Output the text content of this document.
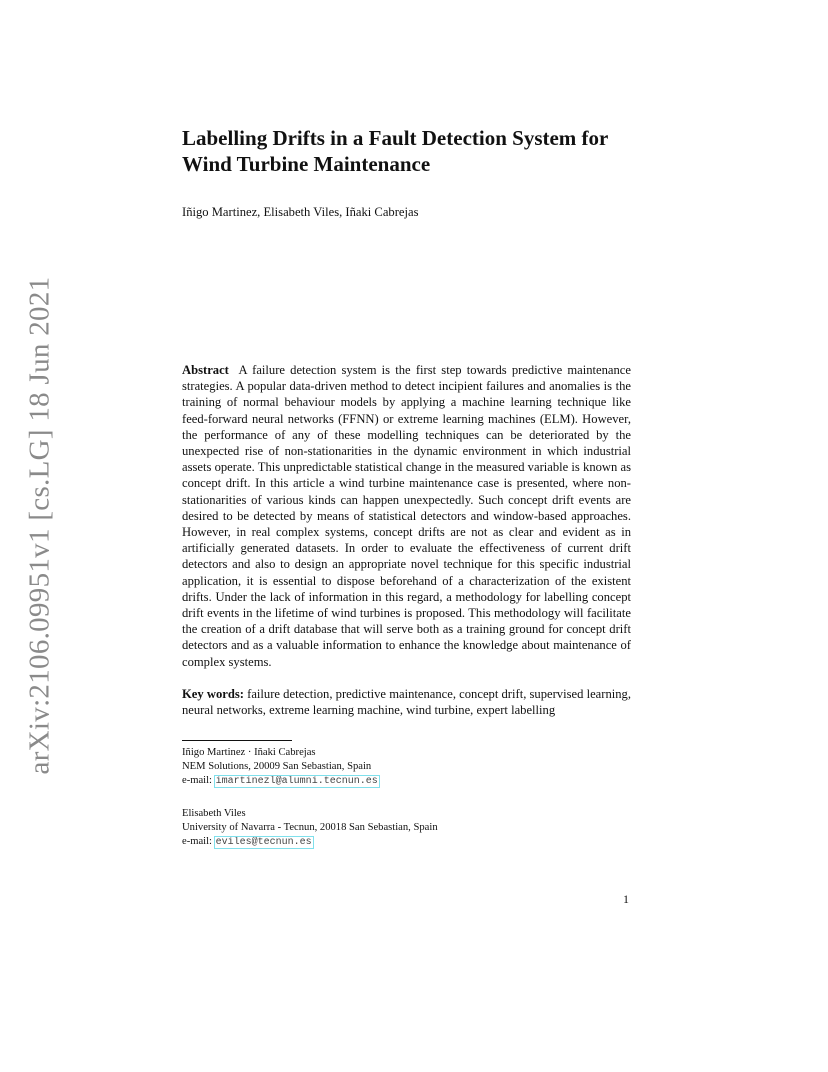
arXiv:2106.09951v1 [cs.LG] 18 Jun 2021
Labelling Drifts in a Fault Detection System for Wind Turbine Maintenance
Iñigo Martinez, Elisabeth Viles, Iñaki Cabrejas

Abstract A failure detection system is the first step towards predictive maintenance strategies. A popular data-driven method to detect incipient failures and anomalies is the training of normal behaviour models by applying a machine learning technique like feed-forward neural networks (FFNN) or extreme learning machines (ELM). However, the performance of any of these modelling techniques can be deteriorated by the unexpected rise of non-stationarities in the dynamic environment in which industrial assets operate. This unpredictable statistical change in the measured variable is known as concept drift. In this article a wind turbine maintenance case is presented, where non-stationarities of various kinds can happen unexpectedly. Such concept drift events are desired to be detected by means of statistical detectors and window-based approaches. However, in real complex systems, concept drifts are not as clear and evident as in artificially generated datasets. In order to evaluate the effectiveness of current drift detectors and also to design an appropriate novel technique for this specific industrial application, it is essential to dispose beforehand of a characterization of the existent drifts. Under the lack of information in this regard, a methodology for labelling concept drift events in the lifetime of wind turbines is proposed. This methodology will facilitate the creation of a drift database that will serve both as a training ground for concept drift detectors and as a valuable information to enhance the knowledge about maintenance of complex systems.

Key words: failure detection, predictive maintenance, concept drift, supervised learning, neural networks, extreme learning machine, wind turbine, expert labelling

Iñigo Martinez · Iñaki Cabrejas
NEM Solutions, 20009 San Sebastian, Spain
e-mail: imartinezl@alumni.tecnun.es
Elisabeth Viles
University of Navarra - Tecnun, 20018 San Sebastian, Spain
e-mail: eviles@tecnun.es
1
